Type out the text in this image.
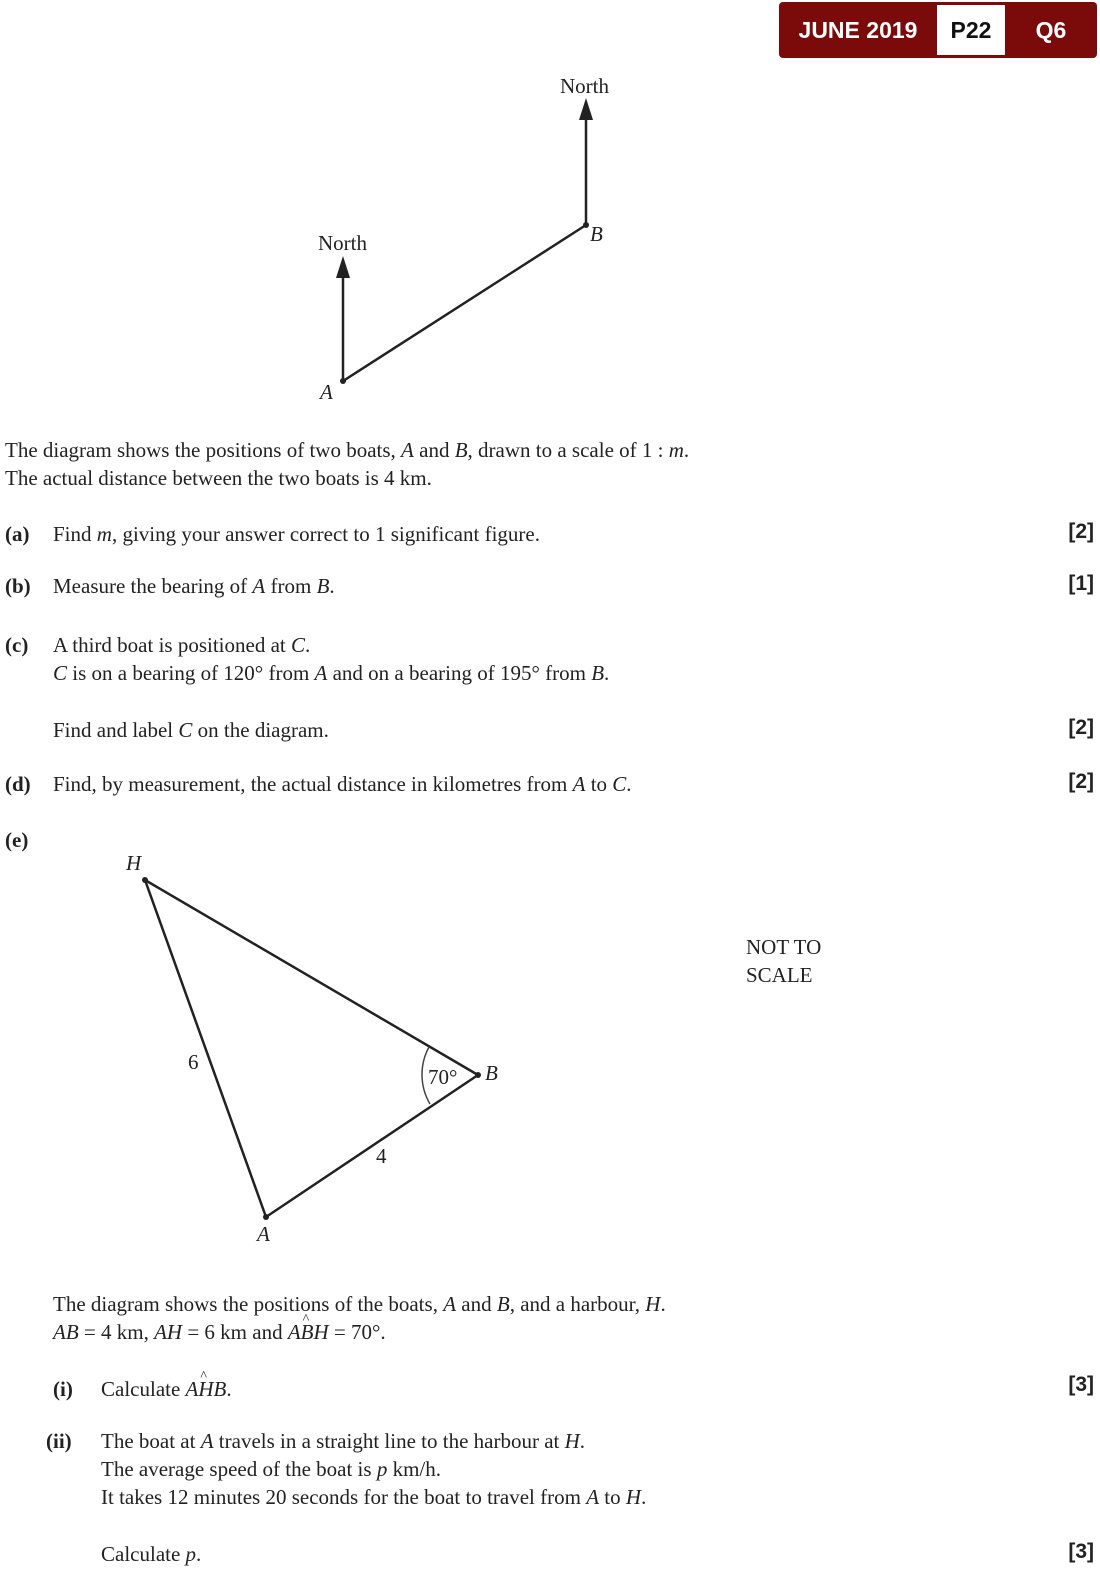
JUNE 2019	P22	Q6
North
North
A
B
H
A
B
6
4
70°
NOT TO
SCALE
The diagram shows the positions of two boats, A and B, drawn to a scale of 1 : m.
The actual distance between the two boats is 4 km.
(a) Find m, giving your answer correct to 1 significant figure.	[2]
(b) Measure the bearing of A from B.	[1]
(c) A third boat is positioned at C.
C is on a bearing of 120° from A and on a bearing of 195° from B.
Find and label C on the diagram.	[2]
(d) Find, by measurement, the actual distance in kilometres from A to C.	[2]
(e)
The diagram shows the positions of the boats, A and B, and a harbour, H.
AB = 4 km, AH = 6 km and A^ BH = 70°.
(i) Calculate A^ HB.	[3]
(ii) The boat at A travels in a straight line to the harbour at H.
The average speed of the boat is p km/h.
It takes 12 minutes 20 seconds for the boat to travel from A to H.
Calculate p.	[3]
